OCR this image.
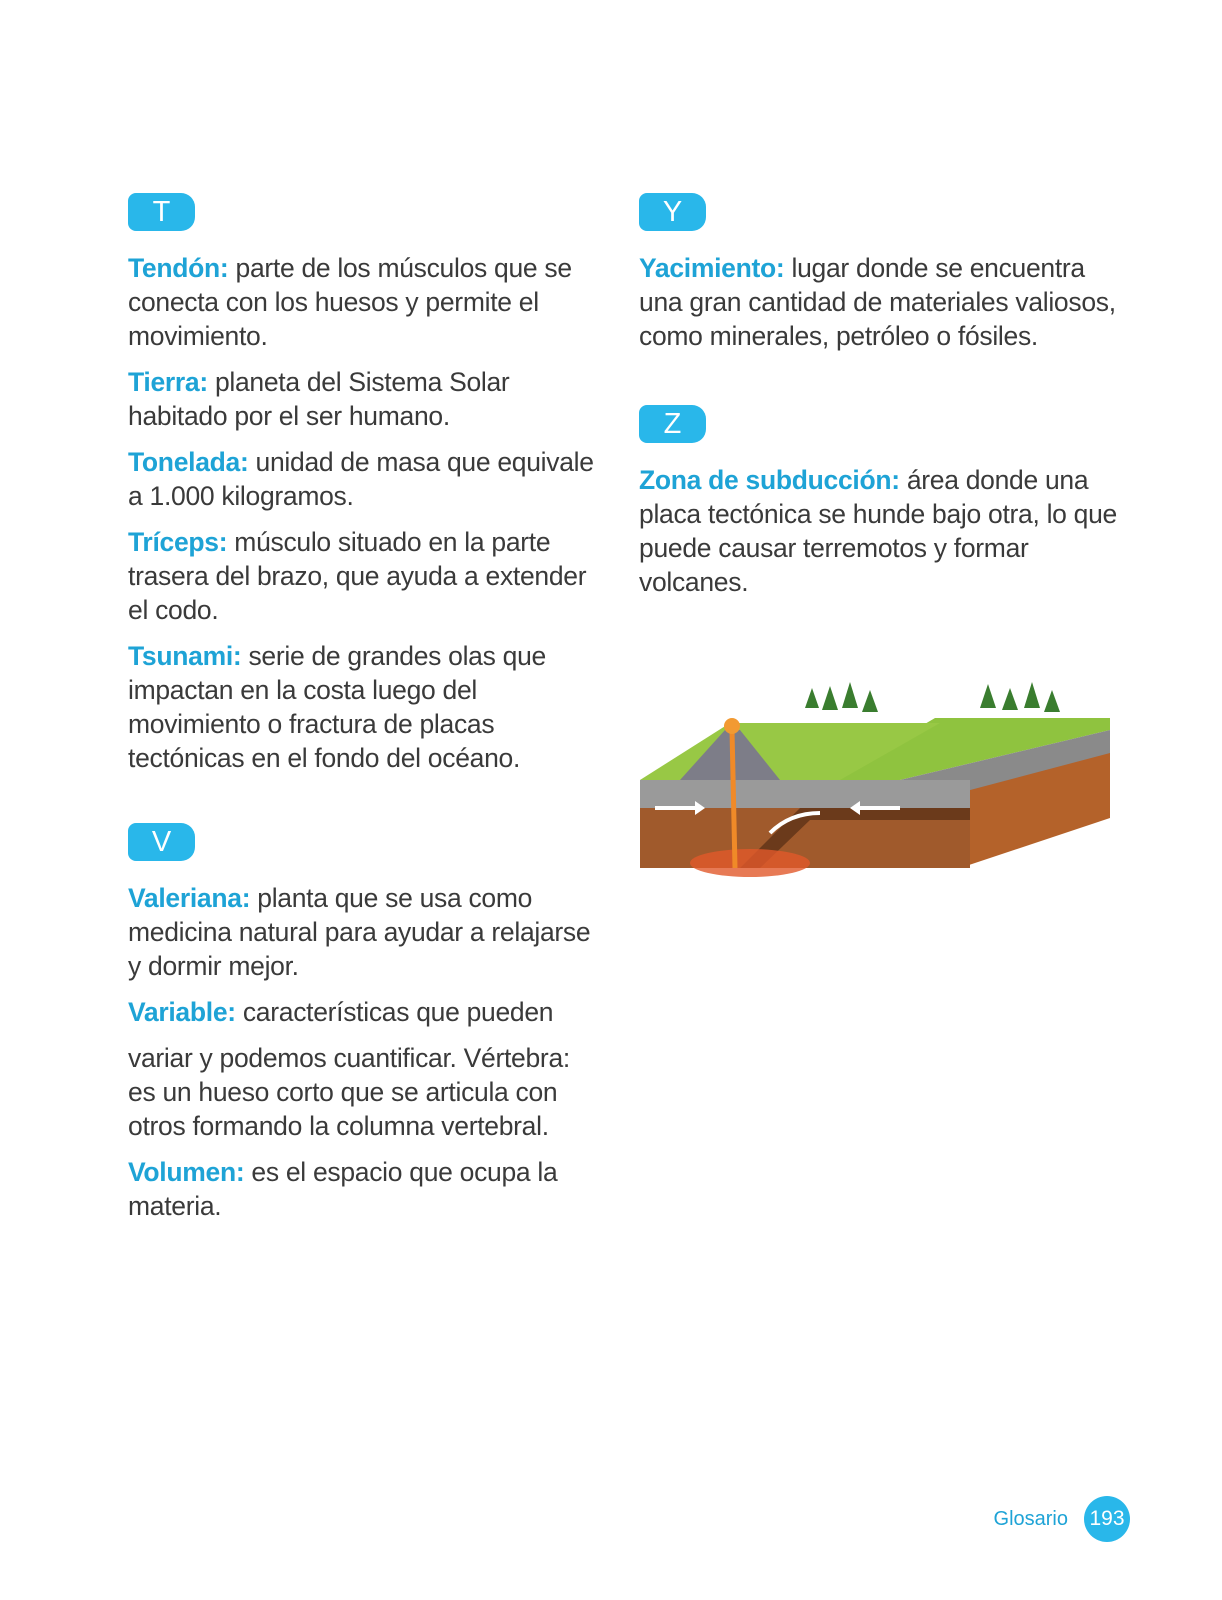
T

Tendón: parte de los músculos que se conecta con los huesos y permite el movimiento.

Tierra: planeta del Sistema Solar habitado por el ser humano.

Tonelada: unidad de masa que equivale a 1.000 kilogramos.

Tríceps: músculo situado en la parte trasera del brazo, que ayuda a extender el codo.

Tsunami: serie de grandes olas que impactan en la costa luego del movimiento o fractura de placas tectónicas en el fondo del océano.

V

Valeriana: planta que se usa como medicina natural para ayudar a relajarse y dormir mejor.

Variable: características que pueden

variar y podemos cuantificar. Vértebra: es un hueso corto que se articula con otros formando la columna vertebral.

Volumen: es el espacio que ocupa la materia.

Y

Yacimiento: lugar donde se encuentra una gran cantidad de materiales valiosos, como minerales, petróleo o fósiles.

Z

Zona de subducción: área donde una placa tectónica se hunde bajo otra, lo que puede causar terremotos y formar volcanes.

Glosario 193
